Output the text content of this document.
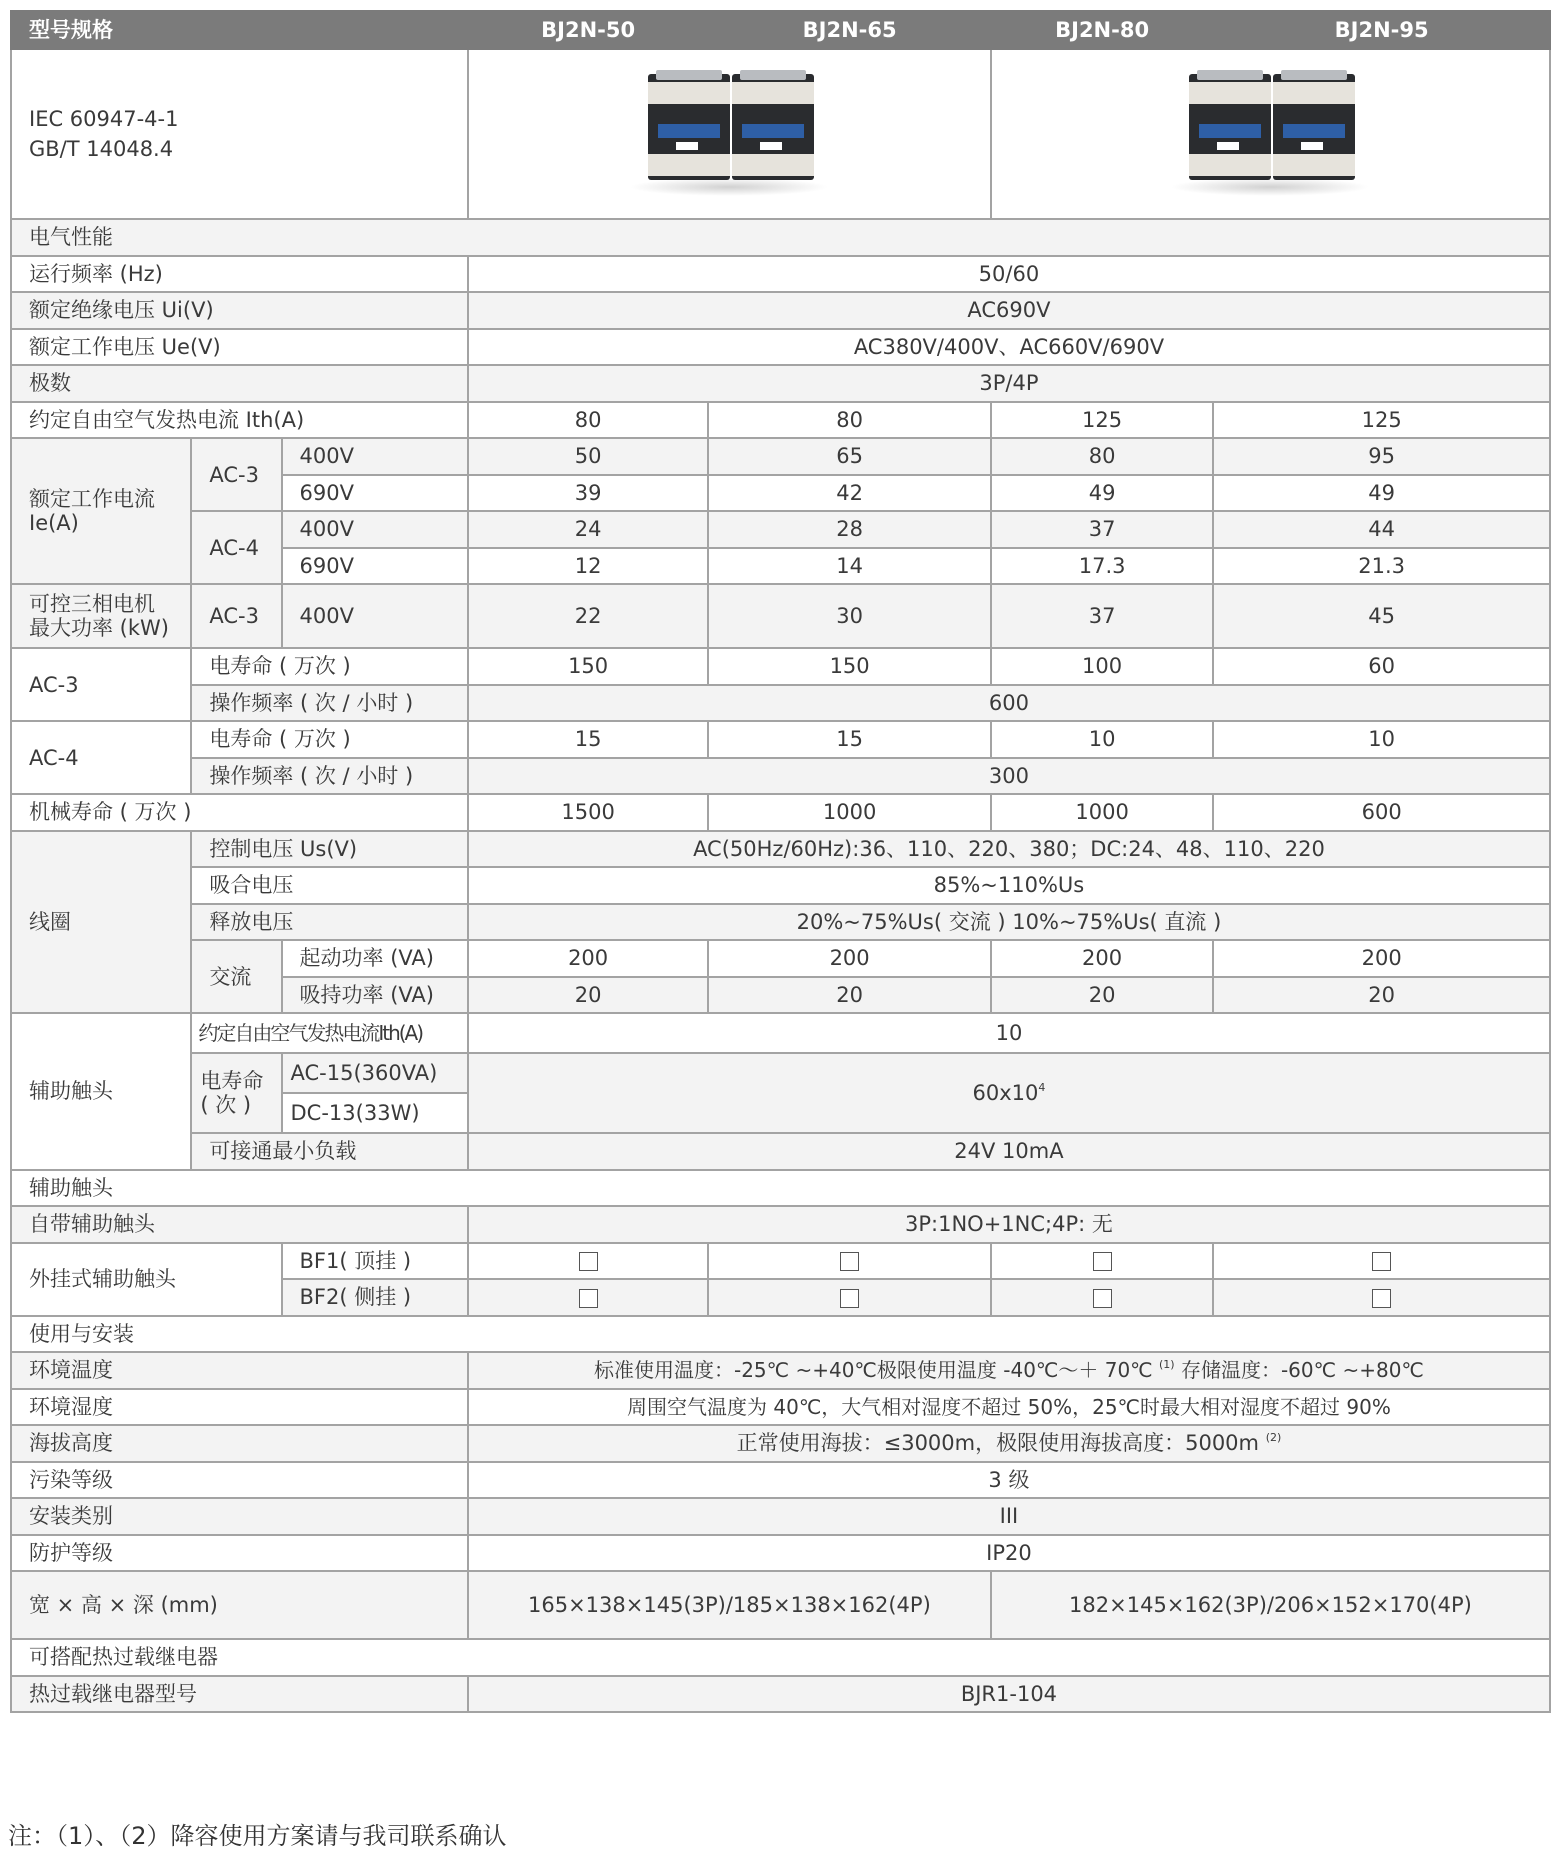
型号规格			BJ2N-50	BJ2N-65	BJ2N-80	BJ2N-95

IEC 60947-4-1
GB/T 14048.4						

电气性能						
运行频率 (Hz)			50/60			
额定绝缘电压 Ui(V)			AC690V			
额定工作电压 Ue(V)			AC380V/400V、AC660V/690V			
极数			3P/4P			
约定自由空气发热电流 Ith(A)			80	80	125	125

额定工作电流
Ie(A)	AC-3	400V	50	65	80	95
		690V	39	42	49	49
	AC-4	400V	24	28	37	44
		690V	12	14	17.3	21.3

可控三相电机
最大功率 (kW)	AC-3	400V	22	30	37	45
AC-3	电寿命 ( 万次 )		150	150	100	60
	操作频率 ( 次 / 小时 )		600			
AC-4	电寿命 ( 万次 )		15	15	10	10
	操作频率 ( 次 / 小时 )		300			
机械寿命 ( 万次 )			1500	1000	1000	600
线圈	控制电压 Us(V)		AC(50Hz/60Hz):36、110、220、380；DC:24、48、110、220			
	吸合电压		85%~110%Us			
	释放电压		20%~75%Us( 交流 ) 10%~75%Us( 直流 )			
	交流	起动功率 (VA)	200	200	200	200
		吸持功率 (VA)	20	20	20	20
辅助触头	约定自由空气发热电流Ith(A)		10			

	电寿命
( 次 )	AC-15(360VA)	$60x10^4$
		DC-13(33W)				
	可接通最小负载		24V 10mA			
辅助触头						
自带辅助触头			3P:1NO+1NC;4P: 无			
外挂式辅助触头		BF1( 顶挂 )				
		BF2( 侧挂 )				
使用与安装						
环境温度			标准使用温度：-25℃ ~+40℃极限使用温度 -40℃～＋ 70℃ $^{(1)}$ 存储温度：-60℃ ~+80℃			
环境湿度			周围空气温度为 40℃，大气相对湿度不超过 50%，25℃时最大相对湿度不超过 90%			
海拔高度			正常使用海拔：≤3000m，极限使用海拔高度：5000m $^{(2)}$
污染等级			3 级			
安装类别			III			
防护等级			IP20			
宽 × 高 × 深 (mm)			165×138×145(3P)/185×138×162(4P)		182×145×162(3P)/206×152×170(4P)	
可搭配热过载继电器						
热过载继电器型号			BJR1-104			
注：（1）、（2）降容使用方案请与我司联系确认
